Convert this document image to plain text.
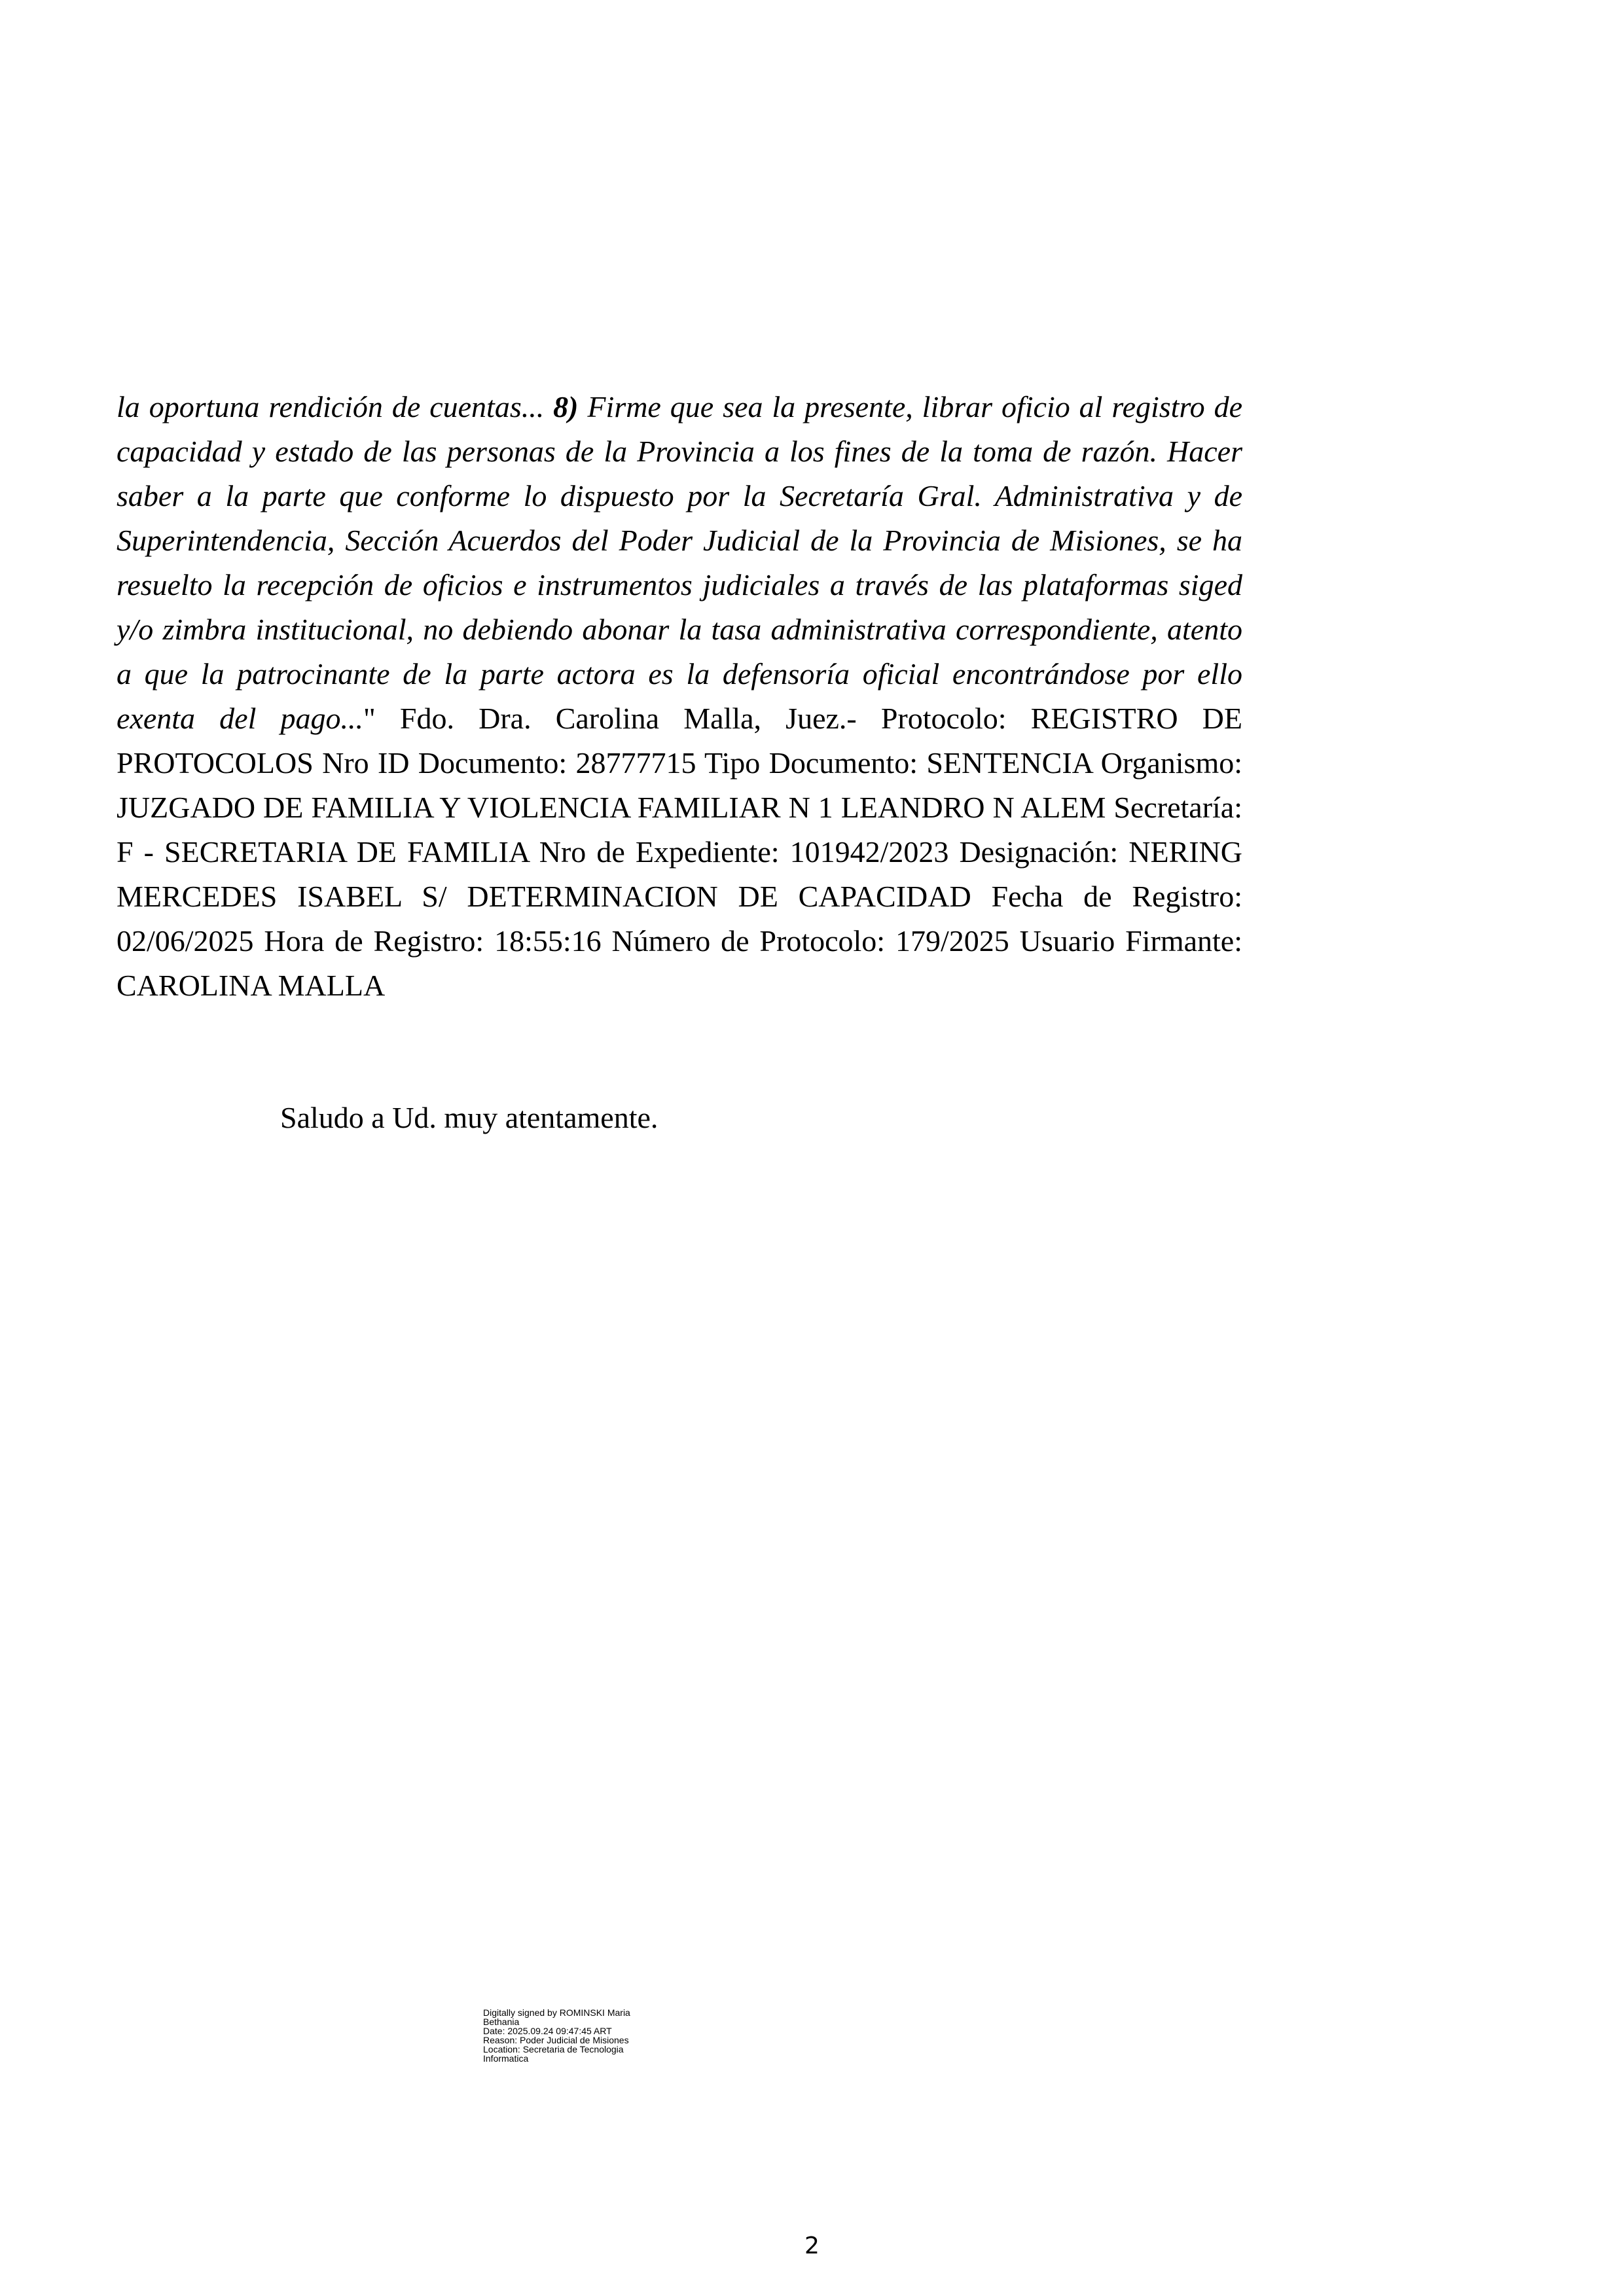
la oportuna rendición de cuentas... 8) Firme que sea la presente, librar oficio al registro de capacidad y estado de las personas de la Provincia a los fines de la toma de razón. Hacer saber a la parte que conforme lo dispuesto por la Secretaría Gral. Administrativa y de Superintendencia, Sección Acuerdos del Poder Judicial de la Provincia de Misiones, se ha resuelto la recepción de oficios e instrumentos judiciales a través de las plataformas siged y/o zimbra institucional, no debiendo abonar la tasa administrativa correspondiente, atento a que la patrocinante de la parte actora es la defensoría oficial encontrándose por ello exenta del pago..." Fdo. Dra. Carolina Malla, Juez.- Protocolo: REGISTRO DE PROTOCOLOS Nro ID Documento: 28777715 Tipo Documento: SENTENCIA Organismo: JUZGADO DE FAMILIA Y VIOLENCIA FAMILIAR N 1 LEANDRO N ALEM Secretaría: F - SECRETARIA DE FAMILIA Nro de Expediente: 101942/2023 Designación: NERING MERCEDES ISABEL S/ DETERMINACION DE CAPACIDAD Fecha de Registro: 02/06/2025 Hora de Registro: 18:55:16 Número de Protocolo: 179/2025 Usuario Firmante: CAROLINA MALLA

Saludo a Ud. muy atentamente.

Digitally signed by ROMINSKI Maria
Bethania
Date: 2025.09.24 09:47:45 ART
Reason: Poder Judicial de Misiones
Location: Secretaria de Tecnologia
Informatica
2
